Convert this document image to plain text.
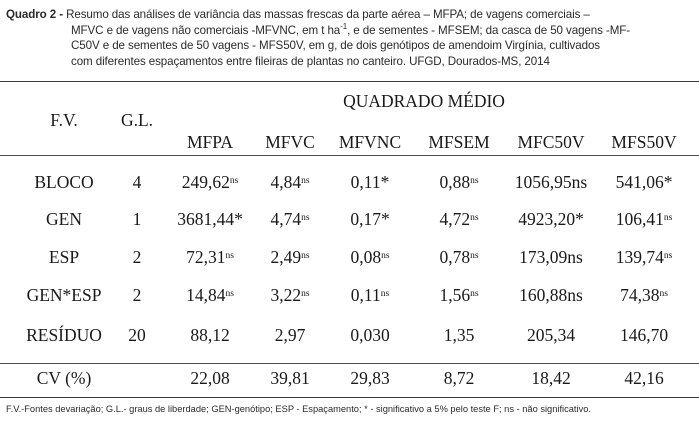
Quadro 2 - Resumo das análises de variância das massas frescas da parte aérea – MFPA; de vagens comerciais –
MFVC e de vagens não comerciais -MFVNC, em t $ha^{-1}$, e de sementes - MFSEM; da casca de 50 vagens -MF-
C50V e de sementes de 50 vagens - MFS50V, em g, de dois genótipos de amendoim Virgínia, cultivados
com diferentes espaçamentos entre fileiras de plantas no canteiro. UFGD, Dourados-MS, 2014
F.V. G.L.
QUADRADO MÉDIO
MFPA MFVC MFVNC MFSEM MFC50V MFS50V
BLOCO 4 $249,62^{ns}$ $4,84^{ns}$ 0,11*	$0,88^{ns}$ 1056,95ns 541,06*
GEN	1 3681,44* $4,74^{ns}$ 0,17*	$4,72^{ns}$ 4923,20* $106,41^{ns}$
ESP	2	$72,31^{ns}$ $2,49^{ns}$ $0,08^{ns}$	$0,78^{ns}$ 173,09ns $139,74^{ns}$
GEN*ESP 2	$14,84^{ns}$ $3,22^{ns}$ $0,11^{ns}$	$1,56^{ns}$ 160,88ns $74,38^{ns}$
RESÍDUO 20	88,12	2,97	0,030	1,35	205,34	146,70
CV (%)	22,08 39,81 29,83	8,72	18,42	42,16
F.V.-Fontes devariação; G.L.- graus de liberdade; GEN-genótipo; ESP - Espaçamento; * - significativo a 5% pelo teste F; ns - não significativo.
